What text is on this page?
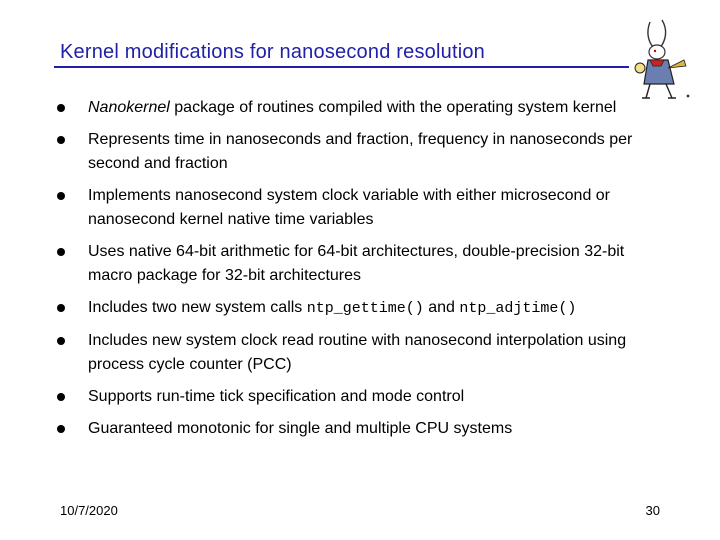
Kernel modifications for nanosecond resolution
Nanokernel package of routines compiled with the operating system kernel
Represents time in nanoseconds and fraction, frequency in nanoseconds per second and fraction
Implements nanosecond system clock variable with either microsecond or nanosecond kernel native time variables
Uses native 64-bit arithmetic for 64-bit architectures, double-precision 32-bit macro package for 32-bit architectures
Includes two new system calls ntp_gettime() and ntp_adjtime()
Includes new system clock read routine with nanosecond interpolation using process cycle counter (PCC)
Supports run-time tick specification and mode control
Guaranteed monotonic for single and multiple CPU systems
10/7/2020	30
